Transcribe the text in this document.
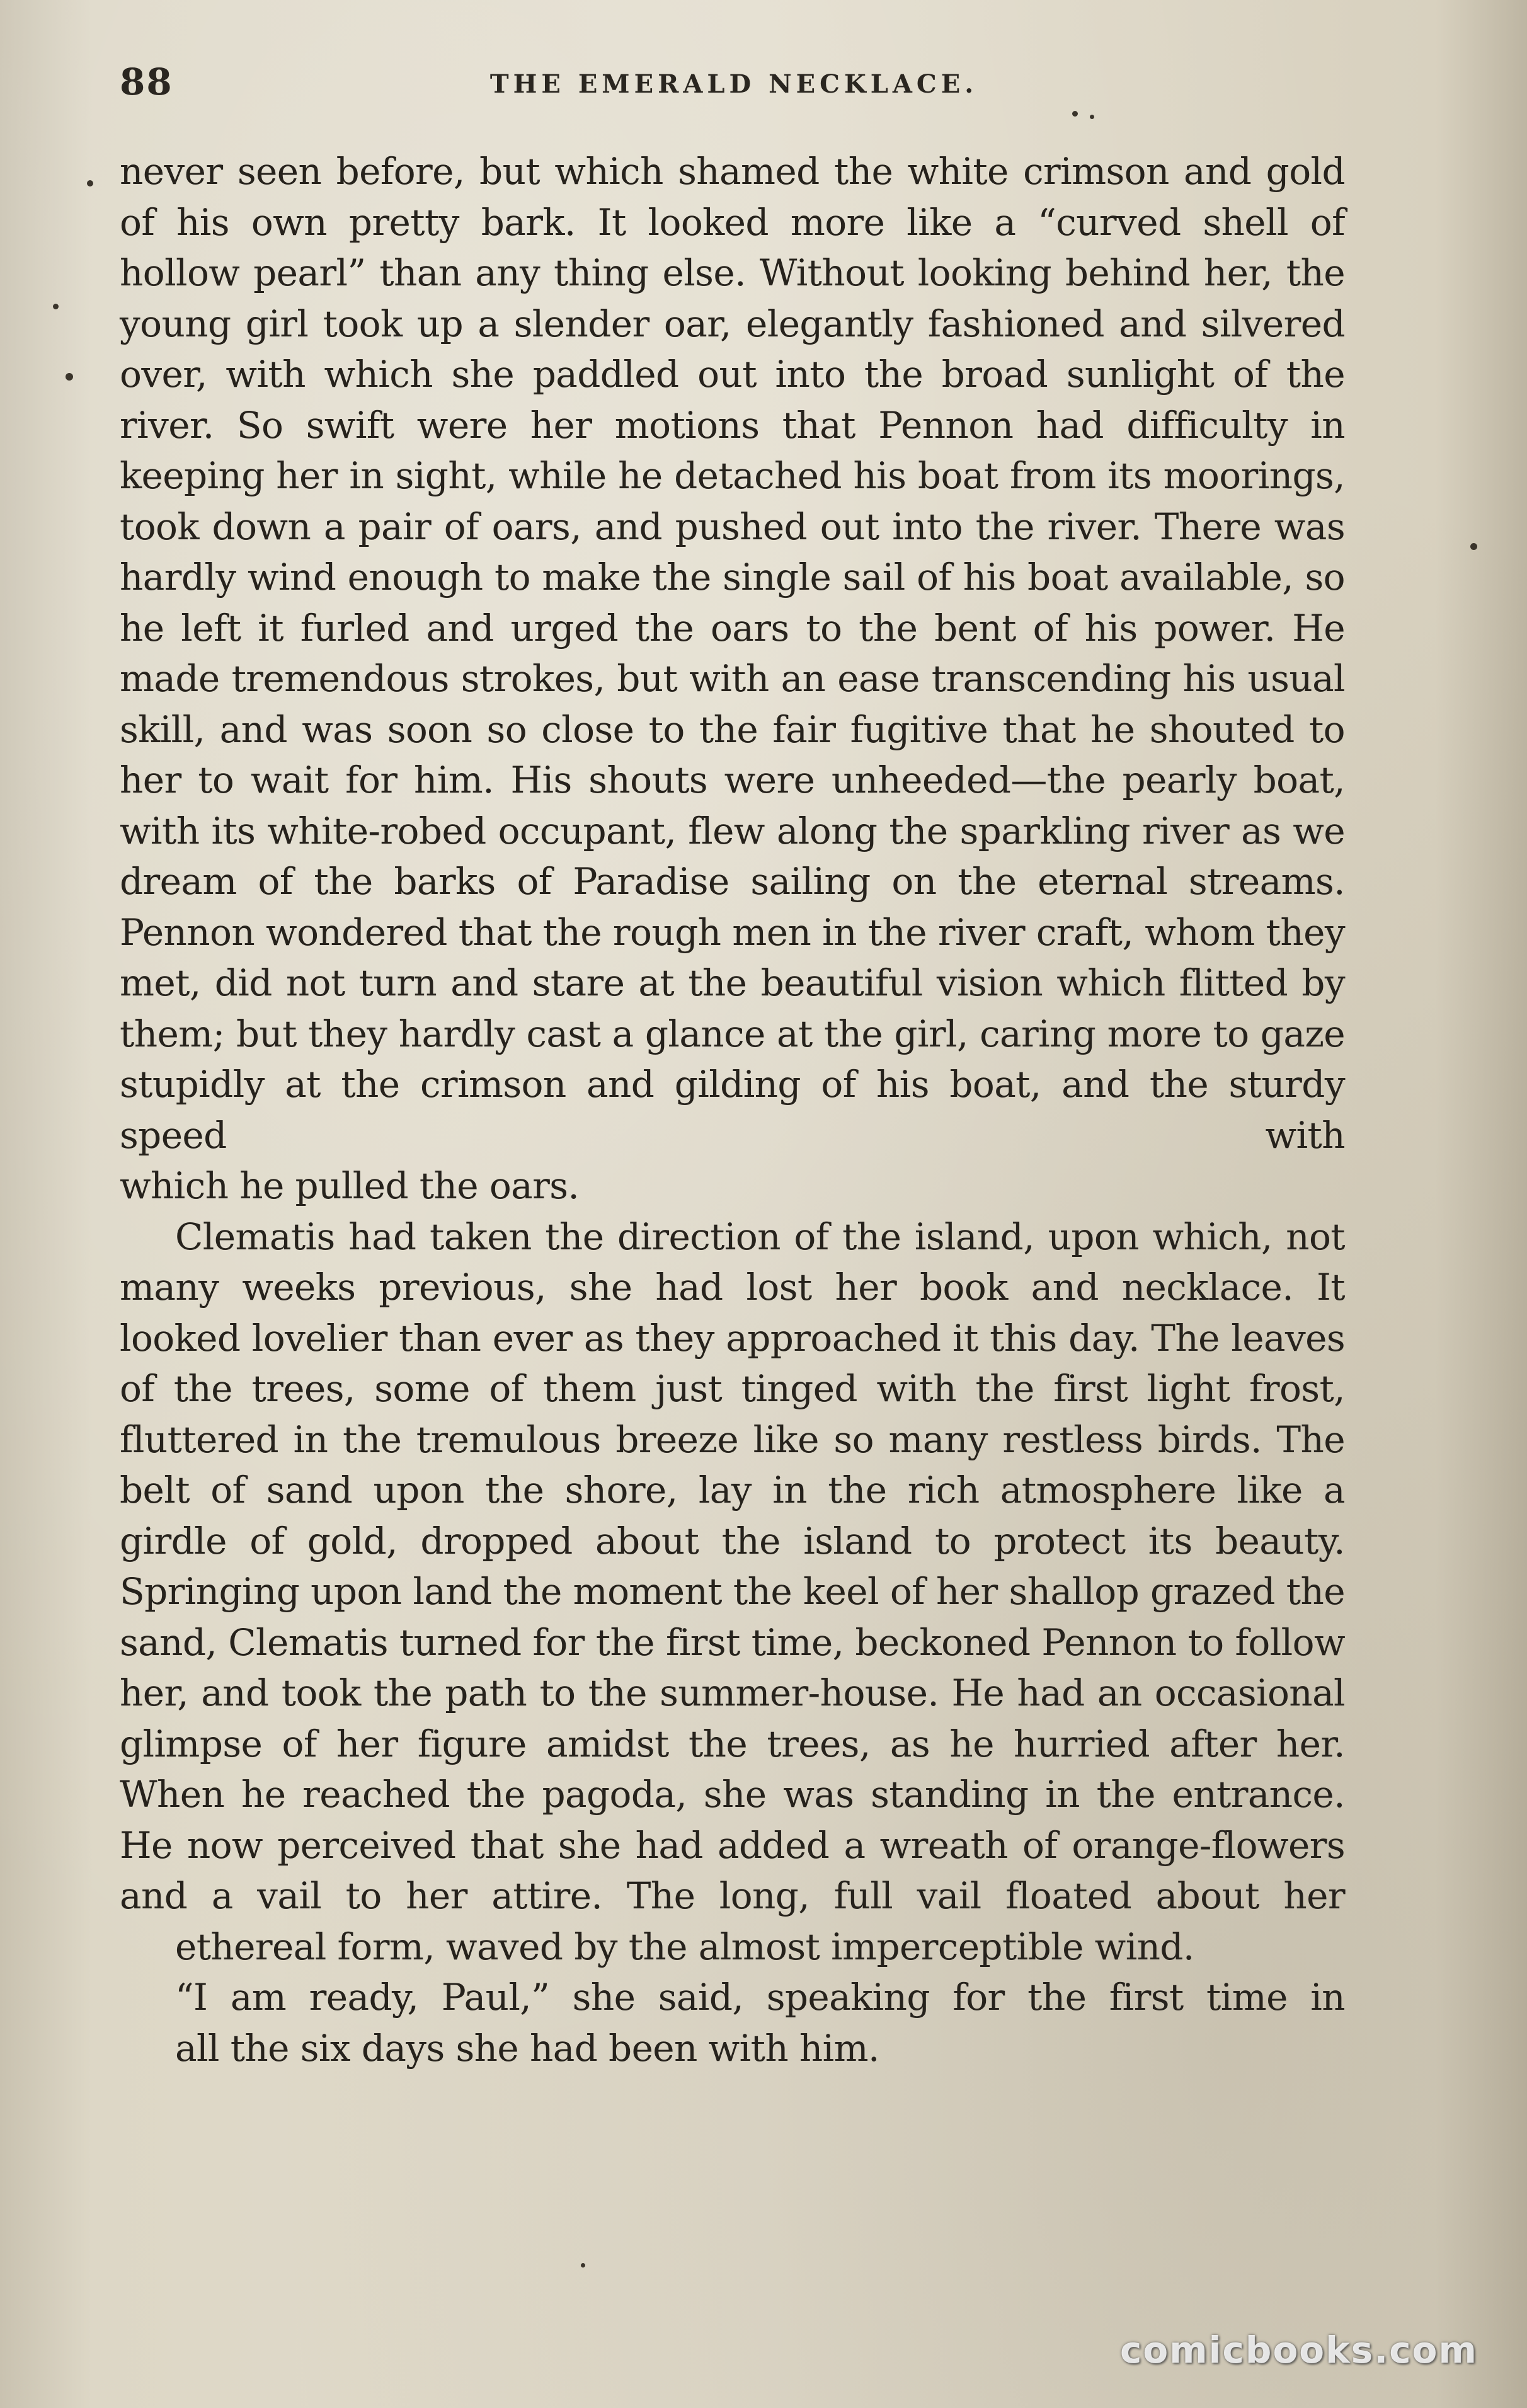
88	THE EMERALD NECKLACE.

never seen before, but which shamed the white crimson and gold of his own pretty bark. It looked more like a “curved shell of hollow pearl” than any thing else. Without looking behind her, the young girl took up a slender oar, elegantly fashioned and silvered over, with which she paddled out into the broad sunlight of the river. So swift were her motions that Pennon had difficulty in keeping her in sight, while he detached his boat from its moorings, took down a pair of oars, and pushed out into the river. There was hardly wind enough to make the single sail of his boat available, so he left it furled and urged the oars to the bent of his power. He made tremendous strokes, but with an ease transcending his usual skill, and was soon so close to the fair fugitive that he shouted to her to wait for him. His shouts were unheeded—the pearly boat, with its white-robed occupant, flew along the sparkling river as we dream of the barks of Paradise sailing on the eternal streams. Pennon wondered that the rough men in the river craft, whom they met, did not turn and stare at the beautiful vision which flitted by them; but they hardly cast a glance at the girl, caring more to gaze stupidly at the crimson and gilding of his boat, and the sturdy speed with
which he pulled the oars.

Clematis had taken the direction of the island, upon which, not many weeks previous, she had lost her book and necklace. It looked lovelier than ever as they approached it this day. The leaves of the trees, some of them just tinged with the first light frost, fluttered in the tremulous breeze like so many restless birds. The belt of sand upon the shore, lay in the rich atmosphere like a girdle of gold, dropped about the island to protect its beauty. Springing upon land the moment the keel of her shallop grazed the sand, Clematis turned for the first time, beckoned Pennon to follow her, and took the path to the summer-house. He had an occasional glimpse of her figure amidst the trees, as he hurried after her. When he reached the pagoda, she was standing in the entrance. He now perceived that she had added a wreath of orange-flowers and a vail to her attire. The long, full vail floated about her
ethereal form, waved by the almost imperceptible wind.

“I am ready, Paul,” she said, speaking for the first time in
all the six days she had been with him.

comicbooks.com
